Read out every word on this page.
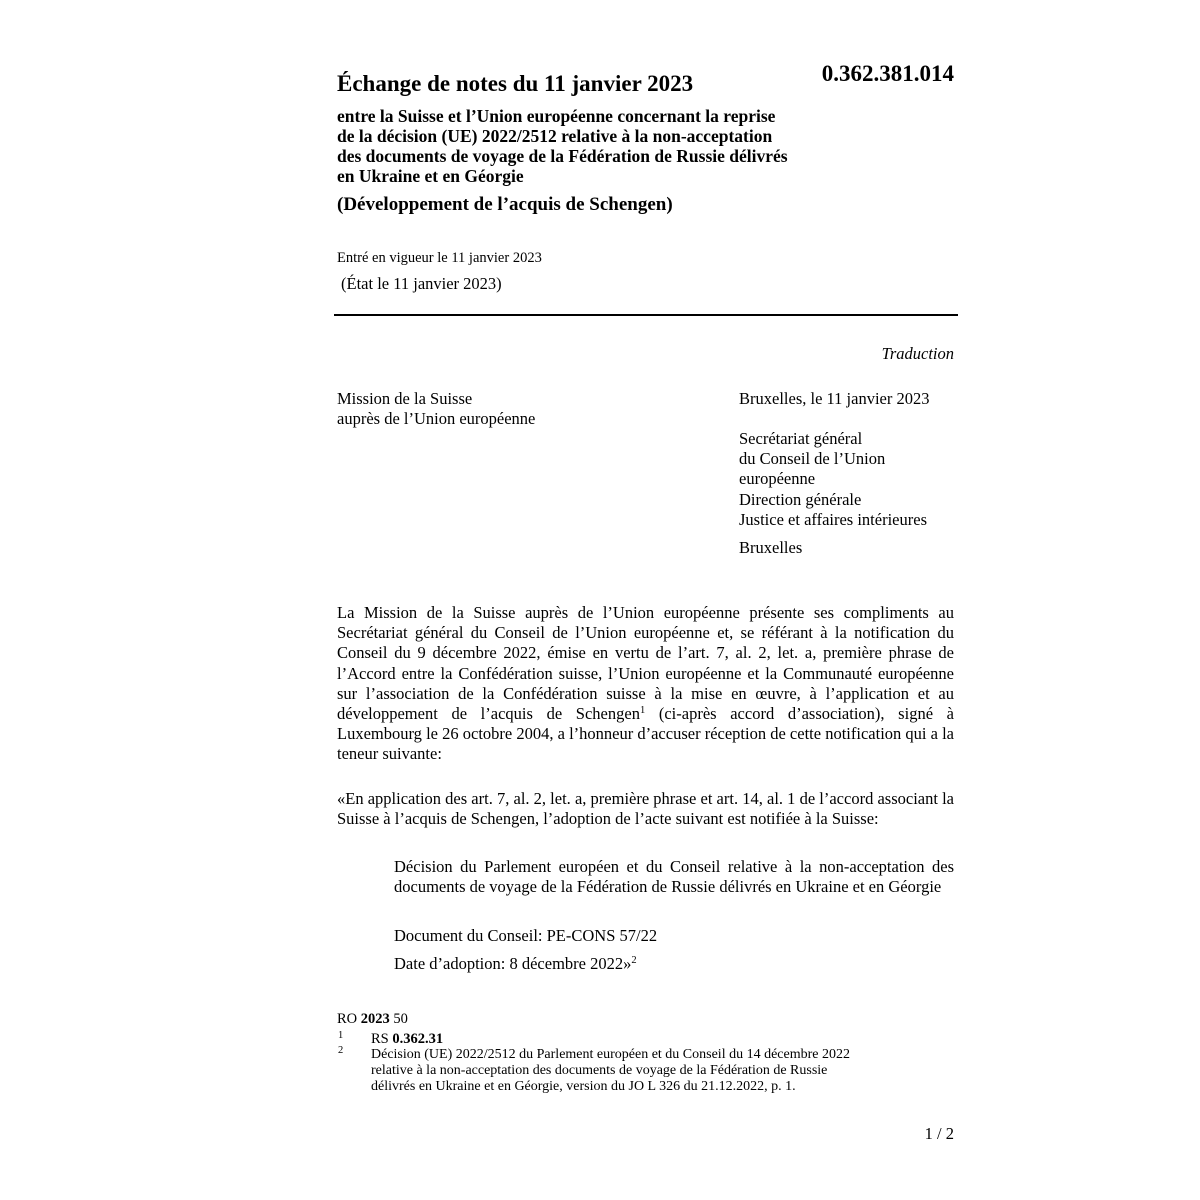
Échange de notes du 11 janvier 2023	0.362.381.014
entre la Suisse et l’Union européenne concernant la reprise
de la décision (UE) 2022/2512 relative à la non-acceptation
des documents de voyage de la Fédération de Russie délivrés
en Ukraine et en Géorgie
(Développement de l’acquis de Schengen)
Entré en vigueur le 11 janvier 2023
(État le 11 janvier 2023)
Traduction
Mission de la Suisse
auprès de l’Union européenne
Bruxelles, le 11 janvier 2023
Secrétariat général
du Conseil de l’Union
européenne
Direction générale
Justice et affaires intérieures
Bruxelles
La Mission de la Suisse auprès de l’Union européenne présente ses compliments au Secrétariat général du Conseil de l’Union européenne et, se référant à la notification du Conseil du 9 décembre 2022, émise en vertu de l’art. 7, al. 2, let. a, première phrase de l’Accord entre la Confédération suisse, l’Union européenne et la Communauté européenne sur l’association de la Confédération suisse à la mise en œuvre, à l’application et au développement de l’acquis de Schengen$^1$ (ci-après accord d’association), signé à Luxembourg le 26 octobre 2004, a l’honneur d’accuser réception de cette notification qui a la teneur suivante:
«En application des art. 7, al. 2, let. a, première phrase et art. 14, al. 1 de l’accord associant la Suisse à l’acquis de Schengen, l’adoption de l’acte suivant est notifiée à la Suisse:
Décision du Parlement européen et du Conseil relative à la non-acceptation des documents de voyage de la Fédération de Russie délivrés en Ukraine et en Géorgie
Document du Conseil: PE-CONS 57/22
Date d’adoption: 8 décembre 2022»$^2$
RO 2023 50
1 RS 0.362.31
2 Décision (UE) 2022/2512 du Parlement européen et du Conseil du 14 décembre 2022
relative à la non-acceptation des documents de voyage de la Fédération de Russie
délivrés en Ukraine et en Géorgie, version du JO L 326 du 21.12.2022, p. 1.
1 / 2
